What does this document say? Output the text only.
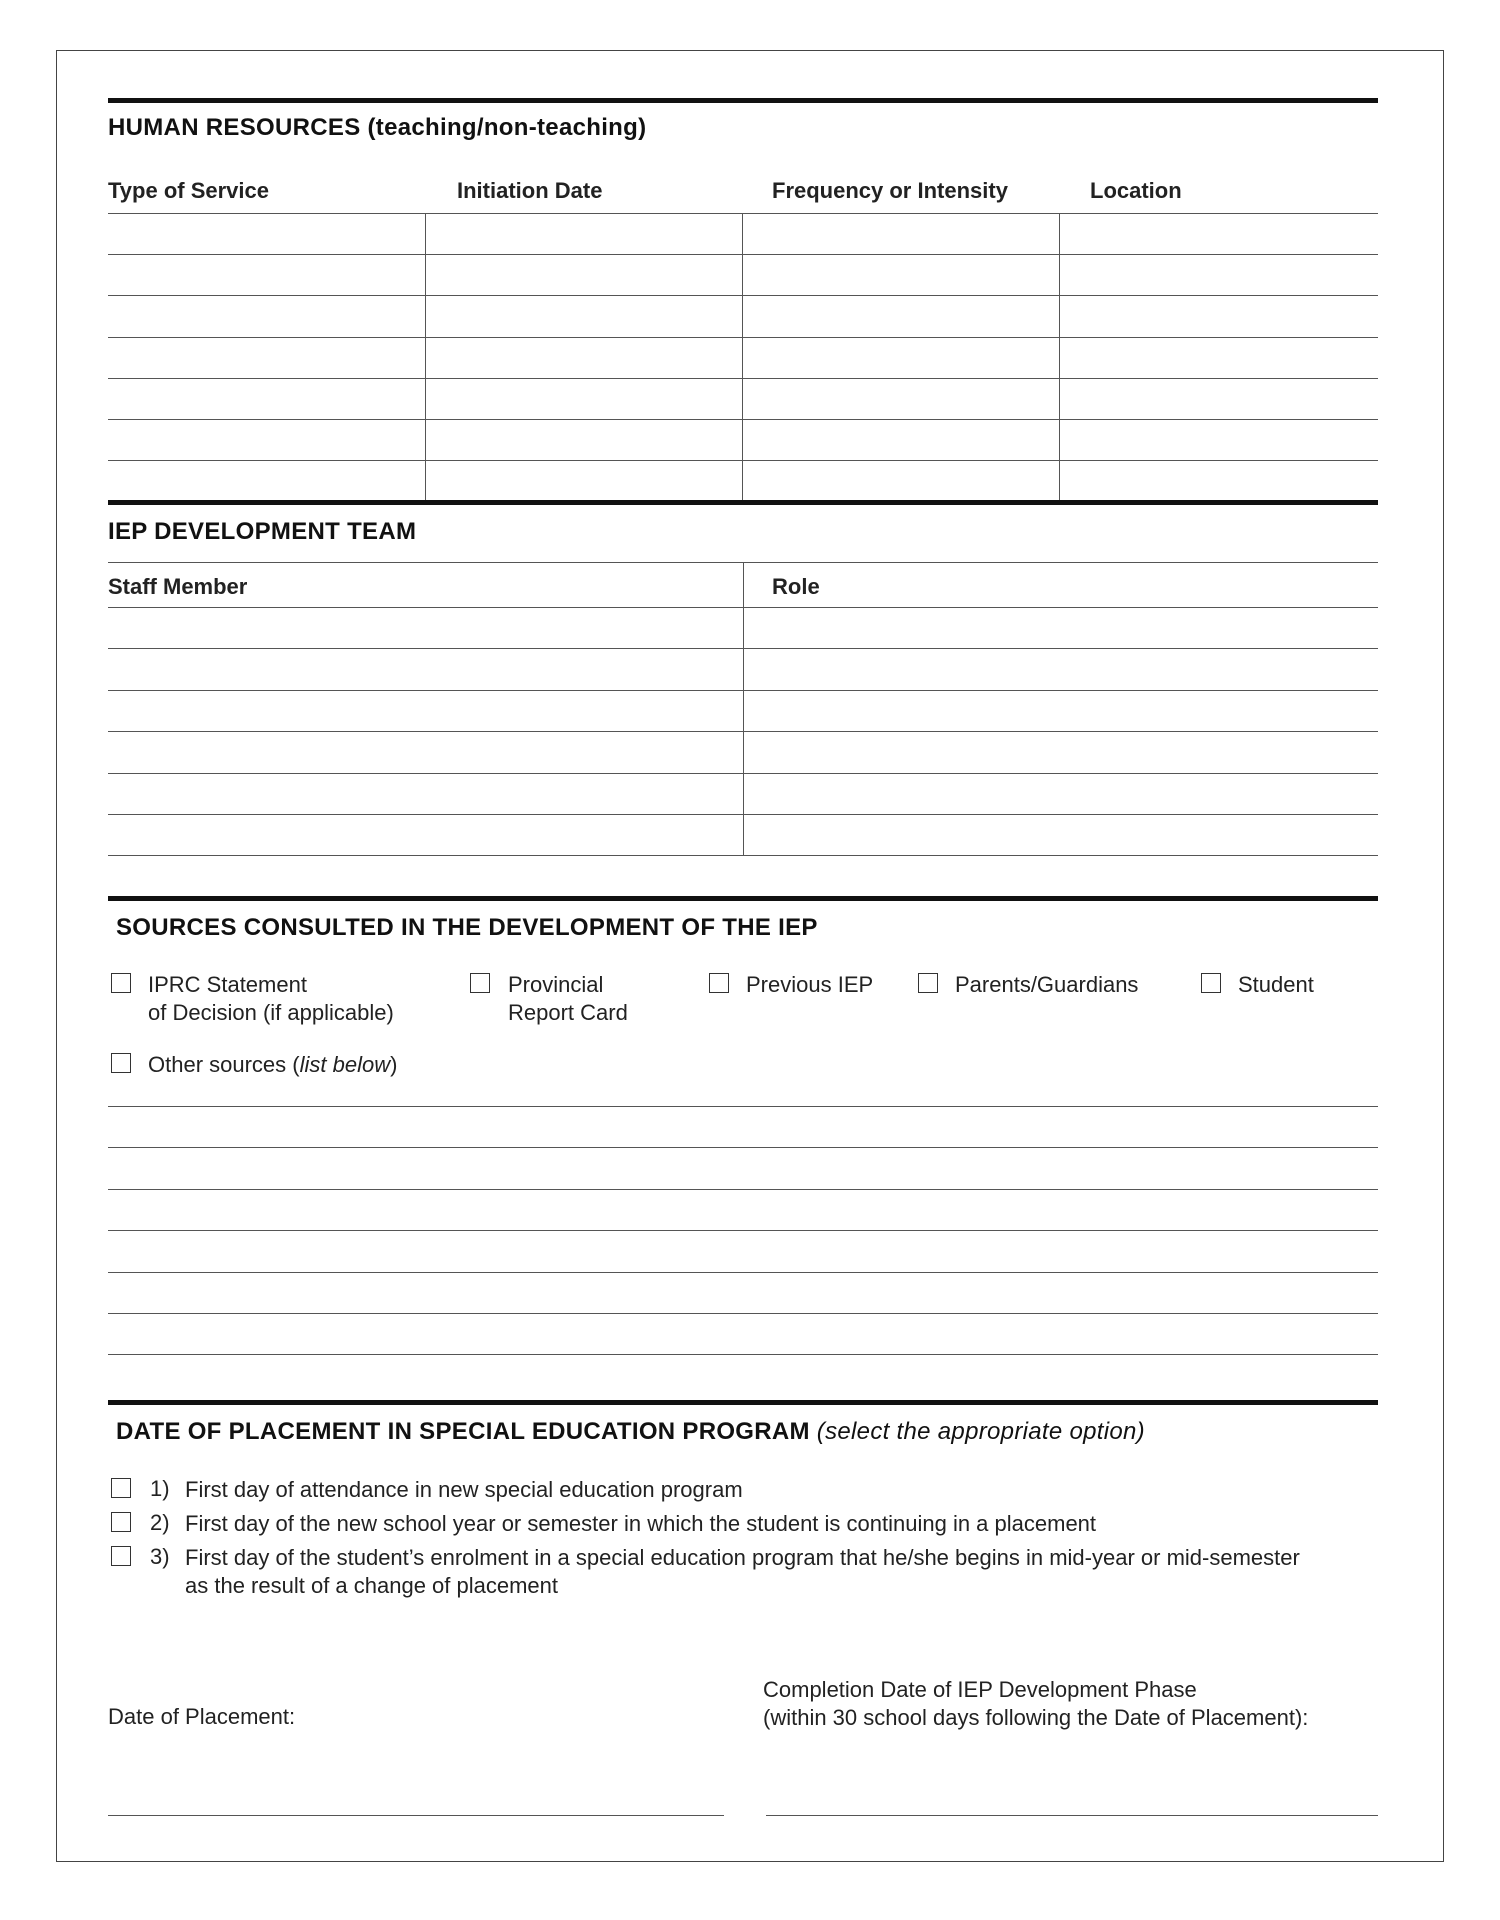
HUMAN RESOURCES (teaching/non-teaching)
Type of Service	Initiation Date	Frequency or Intensity	Location
IEP DEVELOPMENT TEAM
Staff Member	Role
SOURCES CONSULTED IN THE DEVELOPMENT OF THE IEP
IPRC Statement
of Decision (if applicable)
Provincial
Report Card
Previous IEP	Parents/Guardians	Student
Other sources (list below)
DATE OF PLACEMENT IN SPECIAL EDUCATION PROGRAM (select the appropriate option)
1) First day of attendance in new special education program
2) First day of the new school year or semester in which the student is continuing in a placement
3) First day of the student’s enrolment in a special education program that he/she begins in mid-year or mid-semester
as the result of a change of placement
Date of Placement:
Completion Date of IEP Development Phase
(within 30 school days following the Date of Placement):
